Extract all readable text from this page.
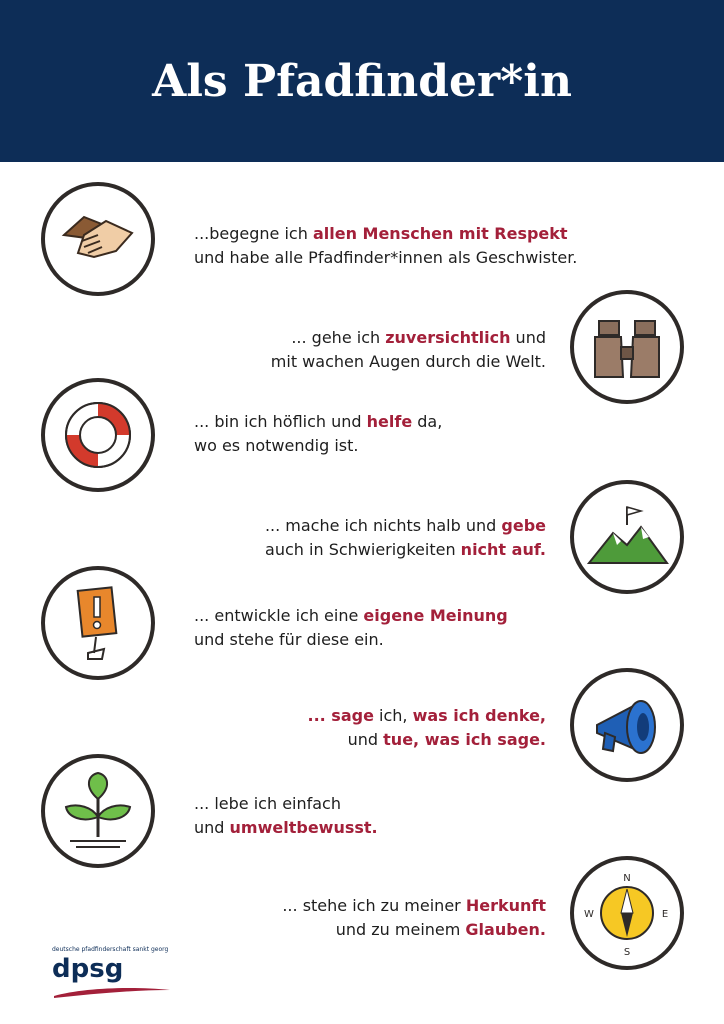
Als Pfadfinder*in
...begegne ich allen Menschen mit Respekt
und habe alle Pfadfinder*innen als Geschwister.
... gehe ich zuversichtlich und
mit wachen Augen durch die Welt.
... bin ich höflich und helfe da,
wo es notwendig ist.
... mache ich nichts halb und gebe
auch in Schwierigkeiten nicht auf.
... entwickle ich eine eigene Meinung
und stehe für diese ein.
... sage ich, was ich denke,
und tue, was ich sage.
... lebe ich einfach
und umweltbewusst.
N
E
S
W
... stehe ich zu meiner Herkunft
und zu meinem Glauben.
deutsche pfadfinderschaft sankt georg
dpsg
